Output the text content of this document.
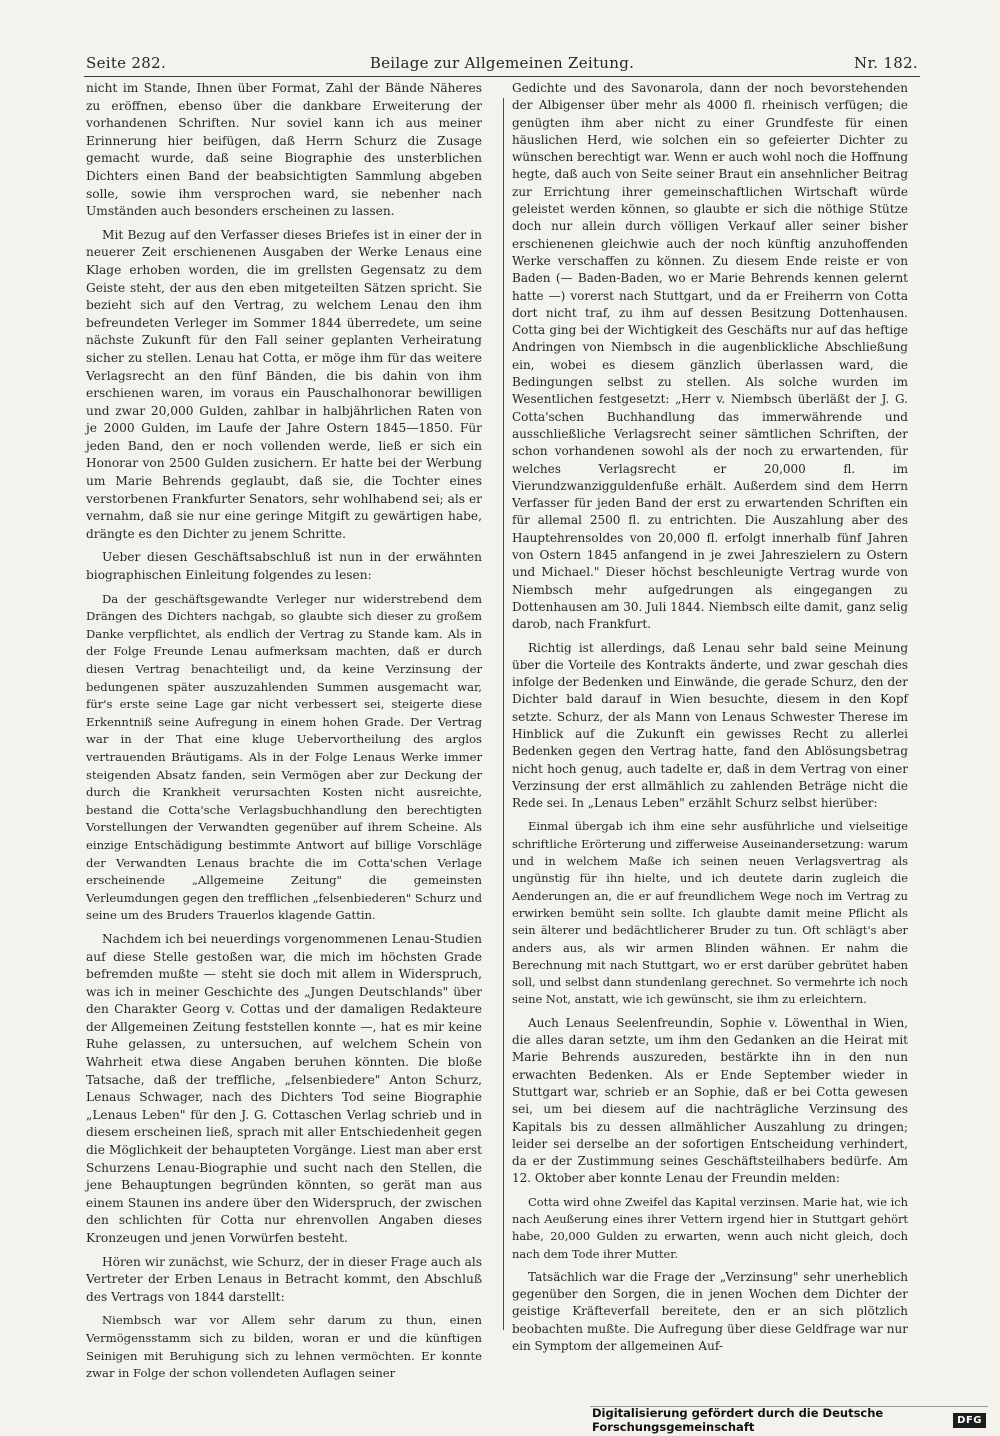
Seite 282.	Beilage zur Allgemeinen Zeitung.	Nr. 182.

nicht im Stande, Ihnen über Format, Zahl der Bände Näheres zu eröffnen, ebenso über die dankbare Erweiterung der vorhandenen Schriften. Nur soviel kann ich aus meiner Erinnerung hier beifügen, daß Herrn Schurz die Zusage gemacht wurde, daß seine Biographie des unsterblichen Dichters einen Band der beabsichtigten Sammlung abgeben solle, sowie ihm versprochen ward, sie nebenher nach Umständen auch besonders erscheinen zu lassen.

Mit Bezug auf den Verfasser dieses Briefes ist in einer der in neuerer Zeit erschienenen Ausgaben der Werke Lenaus eine Klage erhoben worden, die im grellsten Gegensatz zu dem Geiste steht, der aus den eben mitgeteilten Sätzen spricht. Sie bezieht sich auf den Vertrag, zu welchem Lenau den ihm befreundeten Verleger im Sommer 1844 überredete, um seine nächste Zukunft für den Fall seiner geplanten Verheiratung sicher zu stellen. Lenau hat Cotta, er möge ihm für das weitere Verlagsrecht an den fünf Bänden, die bis dahin von ihm erschienen waren, im voraus ein Pauschalhonorar bewilligen und zwar 20,000 Gulden, zahlbar in halbjährlichen Raten von je 2000 Gulden, im Laufe der Jahre Ostern 1845—1850. Für jeden Band, den er noch vollenden werde, ließ er sich ein Honorar von 2500 Gulden zusichern. Er hatte bei der Werbung um Marie Behrends geglaubt, daß sie, die Tochter eines verstorbenen Frankfurter Senators, sehr wohlhabend sei; als er vernahm, daß sie nur eine geringe Mitgift zu gewärtigen habe, drängte es den Dichter zu jenem Schritte.

Ueber diesen Geschäftsabschluß ist nun in der erwähnten biographischen Einleitung folgendes zu lesen:

Da der geschäftsgewandte Verleger nur widerstrebend dem Drängen des Dichters nachgab, so glaubte sich dieser zu großem Danke verpflichtet, als endlich der Vertrag zu Stande kam. Als in der Folge Freunde Lenau aufmerksam machten, daß er durch diesen Vertrag benachteiligt und, da keine Verzinsung der bedungenen später auszuzahlenden Summen ausgemacht war, für's erste seine Lage gar nicht verbessert sei, steigerte diese Erkenntniß seine Aufregung in einem hohen Grade. Der Vertrag war in der That eine kluge Uebervortheilung des arglos vertrauenden Bräutigams. Als in der Folge Lenaus Werke immer steigenden Absatz fanden, sein Vermögen aber zur Deckung der durch die Krankheit verursachten Kosten nicht ausreichte, bestand die Cotta'sche Verlagsbuchhandlung den berechtigten Vorstellungen der Verwandten gegenüber auf ihrem Scheine. Als einzige Entschädigung bestimmte Antwort auf billige Vorschläge der Verwandten Lenaus brachte die im Cotta'schen Verlage erscheinende „Allgemeine Zeitung" die gemeinsten Verleumdungen gegen den trefflichen „felsenbiederen" Schurz und seine um des Bruders Trauerlos klagende Gattin.

Nachdem ich bei neuerdings vorgenommenen Lenau-Studien auf diese Stelle gestoßen war, die mich im höchsten Grade befremden mußte — steht sie doch mit allem in Widerspruch, was ich in meiner Geschichte des „Jungen Deutschlands" über den Charakter Georg v. Cottas und der damaligen Redakteure der Allgemeinen Zeitung feststellen konnte —, hat es mir keine Ruhe gelassen, zu untersuchen, auf welchem Schein von Wahrheit etwa diese Angaben beruhen könnten. Die bloße Tatsache, daß der treffliche, „felsenbiedere" Anton Schurz, Lenaus Schwager, nach des Dichters Tod seine Biographie „Lenaus Leben" für den J. G. Cottaschen Verlag schrieb und in diesem erscheinen ließ, sprach mit aller Entschiedenheit gegen die Möglichkeit der behaupteten Vorgänge. Liest man aber erst Schurzens Lenau-Biographie und sucht nach den Stellen, die jene Behauptungen begründen könnten, so gerät man aus einem Staunen ins andere über den Widerspruch, der zwischen den schlichten für Cotta nur ehrenvollen Angaben dieses Kronzeugen und jenen Vorwürfen besteht.

Hören wir zunächst, wie Schurz, der in dieser Frage auch als Vertreter der Erben Lenaus in Betracht kommt, den Abschluß des Vertrags von 1844 darstellt:

Niembsch war vor Allem sehr darum zu thun, einen Vermögensstamm sich zu bilden, woran er und die künftigen Seinigen mit Beruhigung sich zu lehnen vermöchten. Er konnte zwar in Folge der schon vollendeten Auflagen seiner

Gedichte und des Savonarola, dann der noch bevorstehenden der Albigenser über mehr als 4000 fl. rheinisch verfügen; die genügten ihm aber nicht zu einer Grundfeste für einen häuslichen Herd, wie solchen ein so gefeierter Dichter zu wünschen berechtigt war. Wenn er auch wohl noch die Hoffnung hegte, daß auch von Seite seiner Braut ein ansehnlicher Beitrag zur Errichtung ihrer gemeinschaftlichen Wirtschaft würde geleistet werden können, so glaubte er sich die nöthige Stütze doch nur allein durch völligen Verkauf aller seiner bisher erschienenen gleichwie auch der noch künftig anzuhoffenden Werke verschaffen zu können. Zu diesem Ende reiste er von Baden (— Baden-Baden, wo er Marie Behrends kennen gelernt hatte —) vorerst nach Stuttgart, und da er Freiherrn von Cotta dort nicht traf, zu ihm auf dessen Besitzung Dottenhausen. Cotta ging bei der Wichtigkeit des Geschäfts nur auf das heftige Andringen von Niembsch in die augenblickliche Abschließung ein, wobei es diesem gänzlich überlassen ward, die Bedingungen selbst zu stellen. Als solche wurden im Wesentlichen festgesetzt: „Herr v. Niembsch überläßt der J. G. Cotta'schen Buchhandlung das immerwährende und ausschließliche Verlagsrecht seiner sämtlichen Schriften, der schon vorhandenen sowohl als der noch zu erwartenden, für welches Verlagsrecht er 20,000 fl. im Vierundzwanzigguldenfuße erhält. Außerdem sind dem Herrn Verfasser für jeden Band der erst zu erwartenden Schriften ein für allemal 2500 fl. zu entrichten. Die Auszahlung aber des Hauptehrensoldes von 20,000 fl. erfolgt innerhalb fünf Jahren von Ostern 1845 anfangend in je zwei Jahreszielern zu Ostern und Michael." Dieser höchst beschleunigte Vertrag wurde von Niembsch mehr aufgedrungen als eingegangen zu Dottenhausen am 30. Juli 1844. Niembsch eilte damit, ganz selig darob, nach Frankfurt.

Richtig ist allerdings, daß Lenau sehr bald seine Meinung über die Vorteile des Kontrakts änderte, und zwar geschah dies infolge der Bedenken und Einwände, die gerade Schurz, den der Dichter bald darauf in Wien besuchte, diesem in den Kopf setzte. Schurz, der als Mann von Lenaus Schwester Therese im Hinblick auf die Zukunft ein gewisses Recht zu allerlei Bedenken gegen den Vertrag hatte, fand den Ablösungsbetrag nicht hoch genug, auch tadelte er, daß in dem Vertrag von einer Verzinsung der erst allmählich zu zahlenden Beträge nicht die Rede sei. In „Lenaus Leben" erzählt Schurz selbst hierüber:

Einmal übergab ich ihm eine sehr ausführliche und vielseitige schriftliche Erörterung und zifferweise Auseinandersetzung: warum und in welchem Maße ich seinen neuen Verlagsvertrag als ungünstig für ihn hielte, und ich deutete darin zugleich die Aenderungen an, die er auf freundlichem Wege noch im Vertrag zu erwirken bemüht sein sollte. Ich glaubte damit meine Pflicht als sein älterer und bedächtlicherer Bruder zu tun. Oft schlägt's aber anders aus, als wir armen Blinden wähnen. Er nahm die Berechnung mit nach Stuttgart, wo er erst darüber gebrütet haben soll, und selbst dann stundenlang gerechnet. So vermehrte ich noch seine Not, anstatt, wie ich gewünscht, sie ihm zu erleichtern.

Auch Lenaus Seelenfreundin, Sophie v. Löwenthal in Wien, die alles daran setzte, um ihm den Gedanken an die Heirat mit Marie Behrends auszureden, bestärkte ihn in den nun erwachten Bedenken. Als er Ende September wieder in Stuttgart war, schrieb er an Sophie, daß er bei Cotta gewesen sei, um bei diesem auf die nachträgliche Verzinsung des Kapitals bis zu dessen allmählicher Auszahlung zu dringen; leider sei derselbe an der sofortigen Entscheidung verhindert, da er der Zustimmung seines Geschäftsteilhabers bedürfe. Am 12. Oktober aber konnte Lenau der Freundin melden:

Cotta wird ohne Zweifel das Kapital verzinsen. Marie hat, wie ich nach Aeußerung eines ihrer Vettern irgend hier in Stuttgart gehört habe, 20,000 Gulden zu erwarten, wenn auch nicht gleich, doch nach dem Tode ihrer Mutter.

Tatsächlich war die Frage der „Verzinsung" sehr unerheblich gegenüber den Sorgen, die in jenen Wochen dem Dichter der geistige Kräfteverfall bereitete, den er an sich plötzlich beobachten mußte. Die Aufregung über diese Geldfrage war nur ein Symptom der allgemeinen Auf-

Digitalisierung gefördert durch die Deutsche Forschungsgemeinschaft	DFG
